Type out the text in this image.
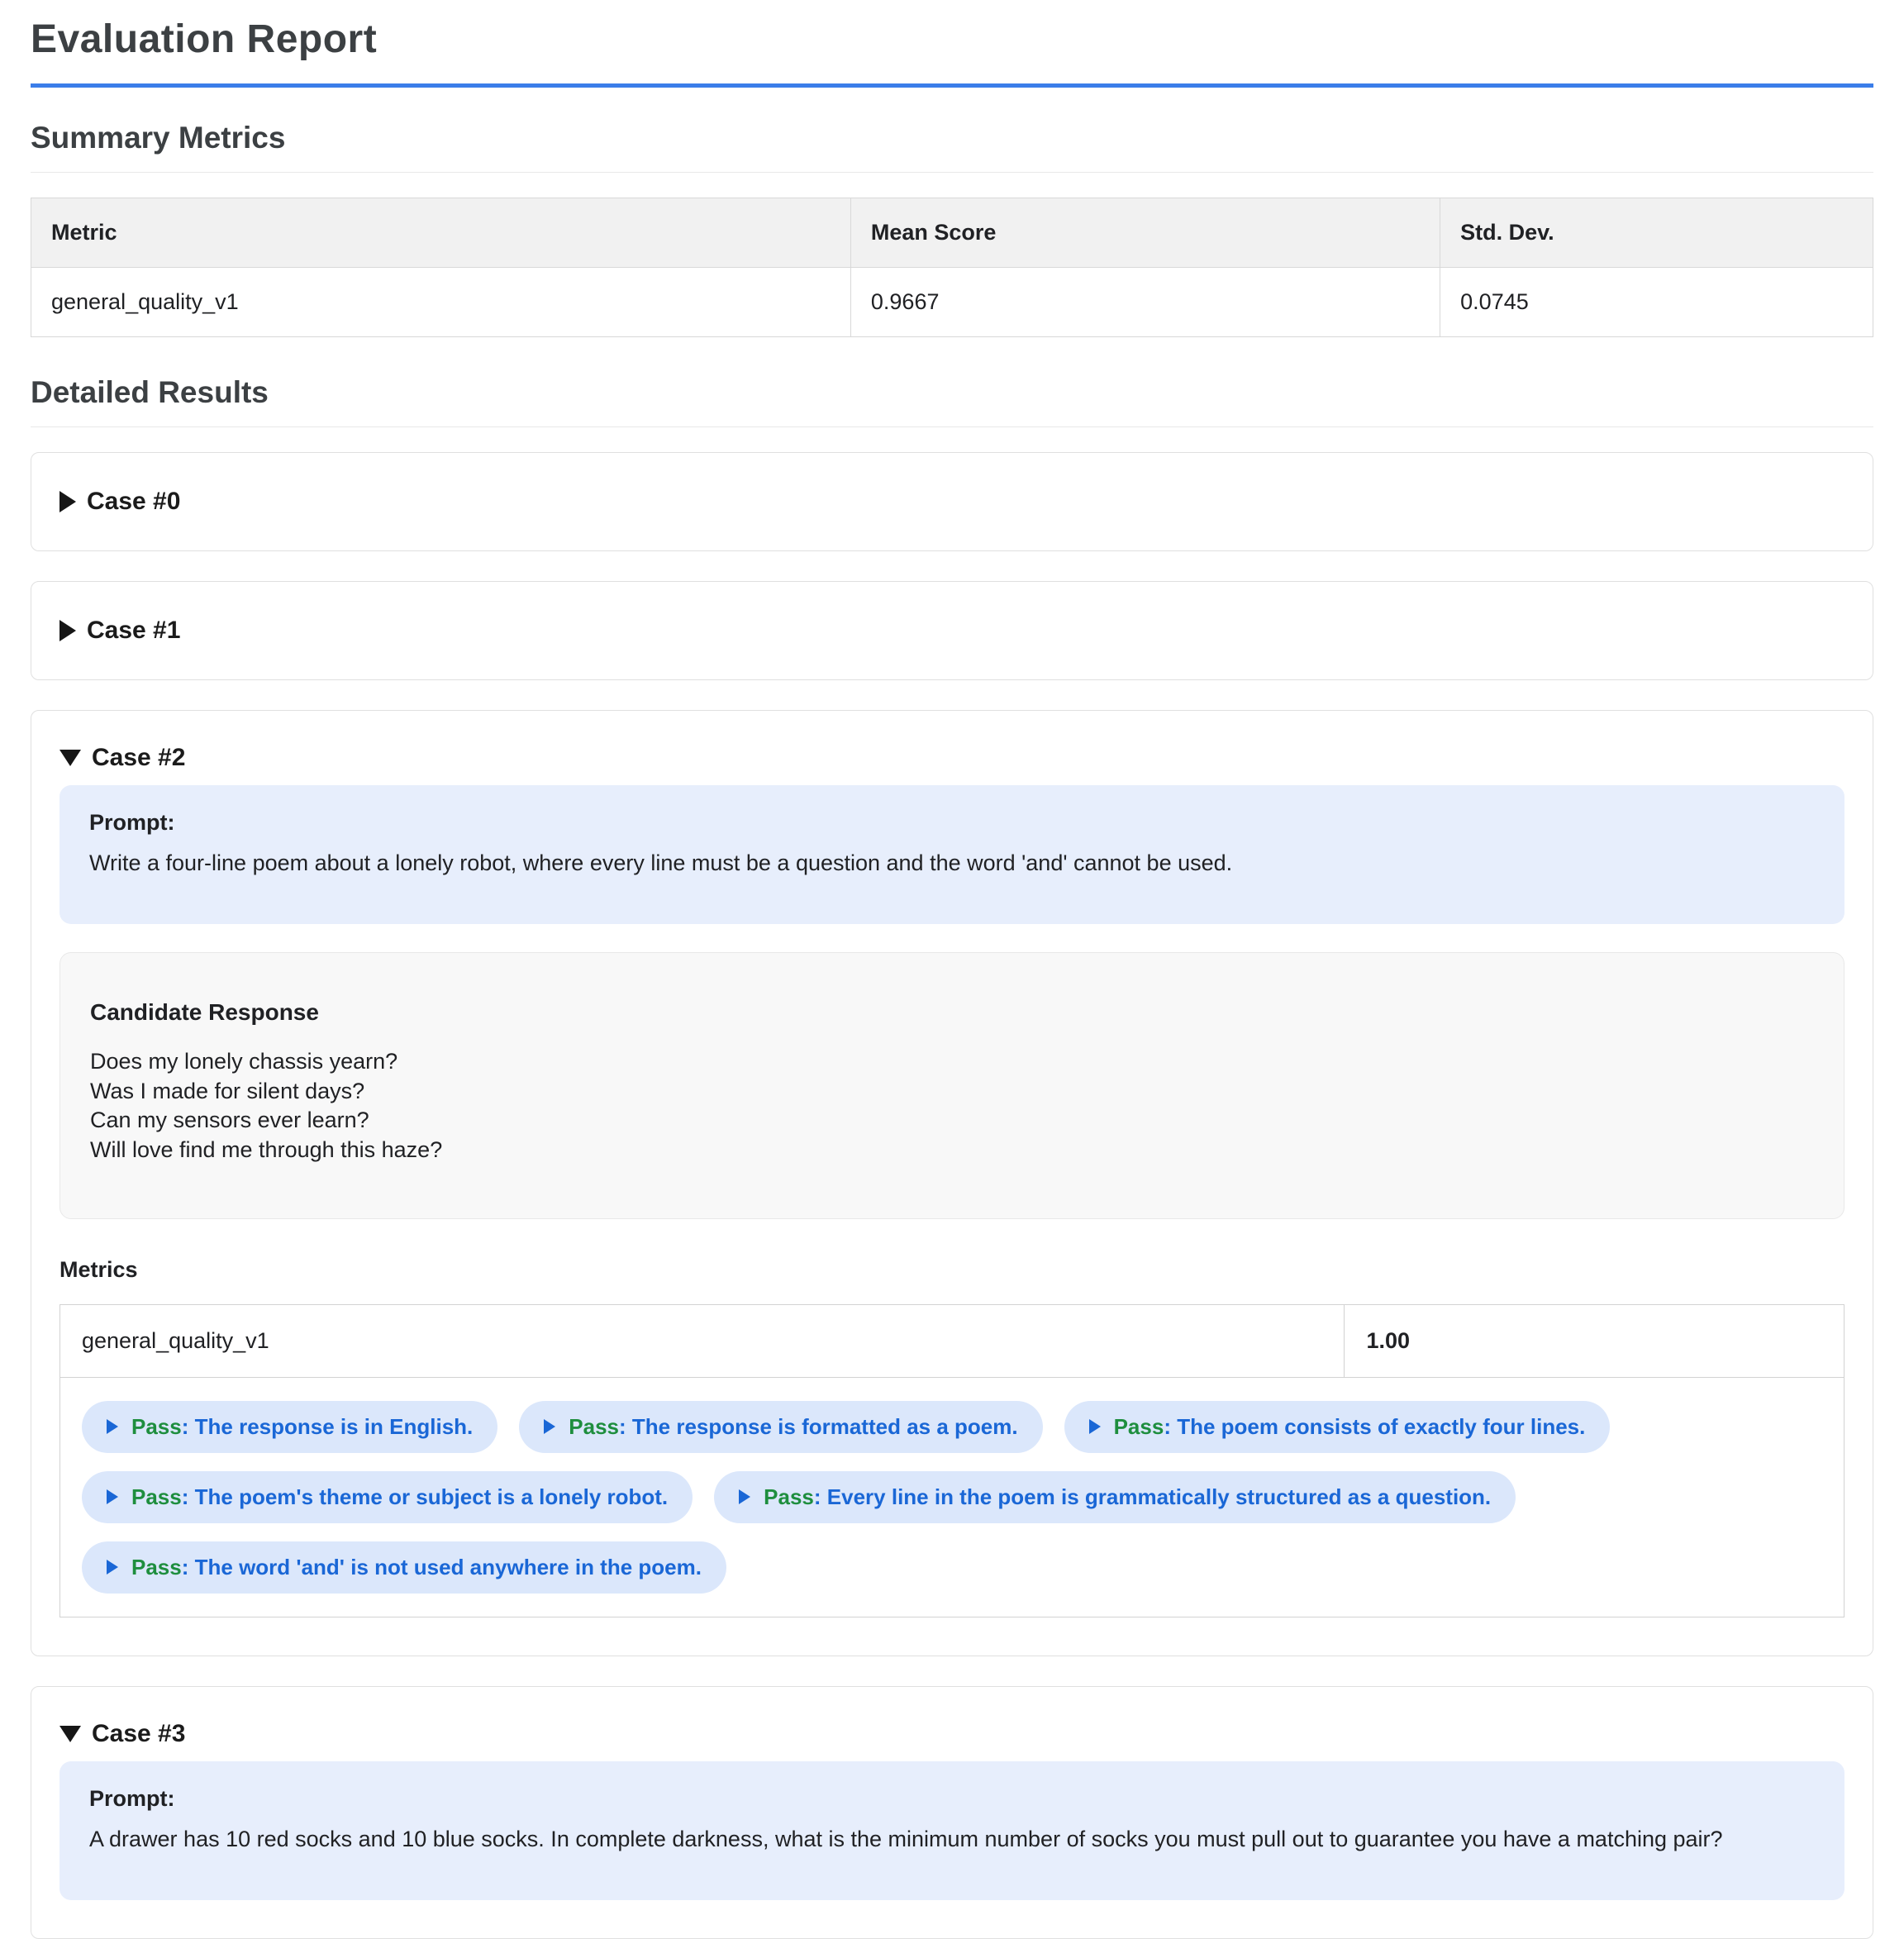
Evaluation Report
Summary Metrics
Metric	Mean Score	Std. Dev.
general_quality_v1	0.9667	0.0745
Detailed Results
Case #0
Case #1
Case #2
Prompt:
Write a four-line poem about a lonely robot, where every line must be a question and the word 'and' cannot be used.
Candidate Response
Does my lonely chassis yearn?
Was I made for silent days?
Can my sensors ever learn?
Will love find me through this haze?
Metrics
general_quality_v1	1.00

Pass: The response is in English.	Pass: The response is formatted as a poem.	Pass: The poem consists of exactly four lines.
Pass: The poem's theme or subject is a lonely robot.	Pass: Every line in the poem is grammatically structured as a question.
Pass: The word 'and' is not used anywhere in the poem.
Case #3
Prompt:
A drawer has 10 red socks and 10 blue socks. In complete darkness, what is the minimum number of socks you must pull out to guarantee you have a matching pair?
